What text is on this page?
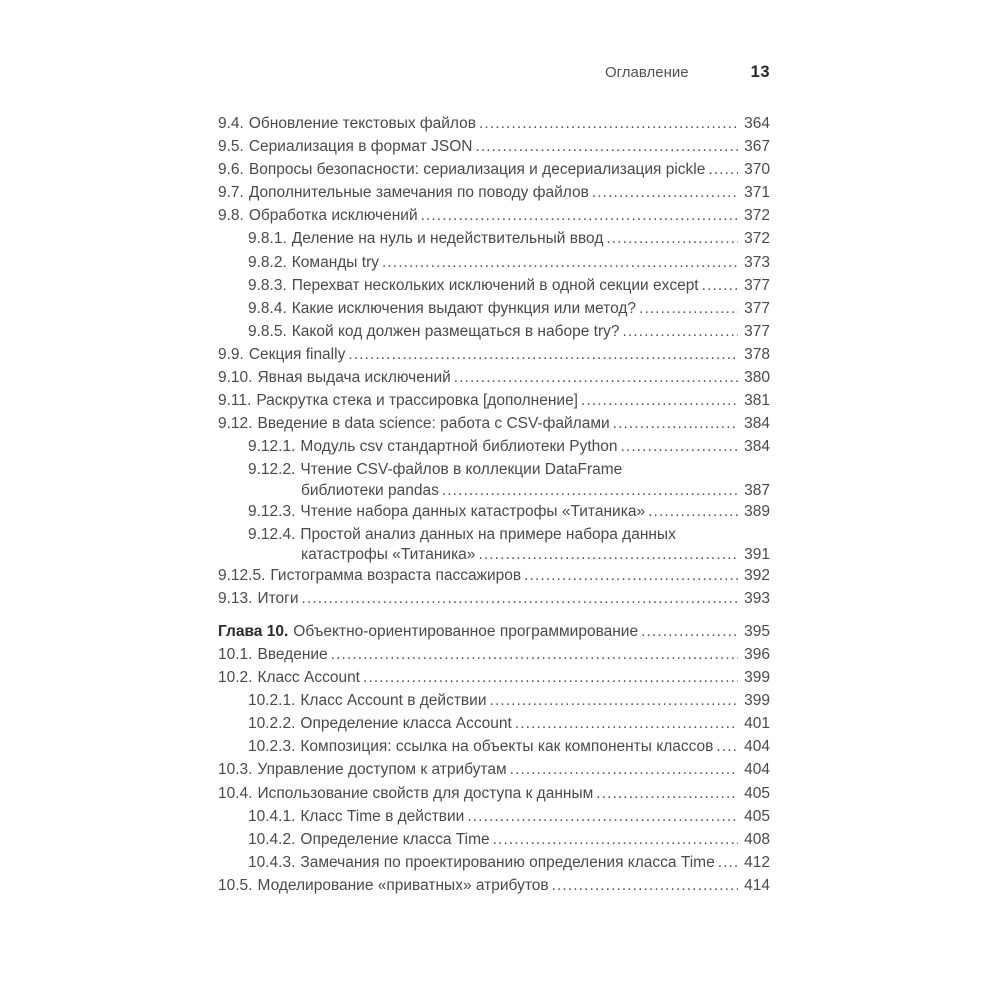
Оглавление	13
9.4. Обновление текстовых файлов .....	364
9.5. Сериализация в формат JSON .....	367
9.6. Вопросы безопасности: сериализация и десериализация pickle ..... 370
9.7. Дополнительные замечания по поводу файлов .....	371
9.8. Обработка исключений .....	372
9.8.1. Деление на нуль и недействительный ввод .....	372
9.8.2. Команды try .....	373
9.8.3. Перехват нескольких исключений в одной секции except .....	377
9.8.4. Какие исключения выдают функция или метод? .....	377
9.8.5. Какой код должен размещаться в наборе try? .....	377
9.9. Секция finally .....	378
9.10. Явная выдача исключений .....	380
9.11. Раскрутка стека и трассировка [дополнение] .....	381
9.12. Введение в data science: работа с CSV-файлами .....	384
9.12.1. Модуль csv стандартной библиотеки Python .....	384
9.12.2. Чтение CSV-файлов в коллекции DataFrame
библиотеки pandas .....	387
9.12.3. Чтение набора данных катастрофы «Титаника» .....	389
9.12.4. Простой анализ данных на примере набора данных
катастрофы «Титаника» .....	391
9.12.5. Гистограмма возраста пассажиров .....	392
9.13. Итоги .....	393
Глава 10. Объектно-ориентированное программирование .....	395
10.1. Введение .....	396
10.2. Класс Account .....	399
10.2.1. Класс Account в действии .....	399
10.2.2. Определение класса Account .....	401
10.2.3. Композиция: ссылка на объекты как компоненты классов ..... 404
10.3. Управление доступом к атрибутам .....	404
10.4. Использование свойств для доступа к данным .....	405
10.4.1. Класс Time в действии .....	405
10.4.2. Определение класса Time .....	408
10.4.3. Замечания по проектированию определения класса Time ..... 412
10.5. Моделирование «приватных» атрибутов .....	414
